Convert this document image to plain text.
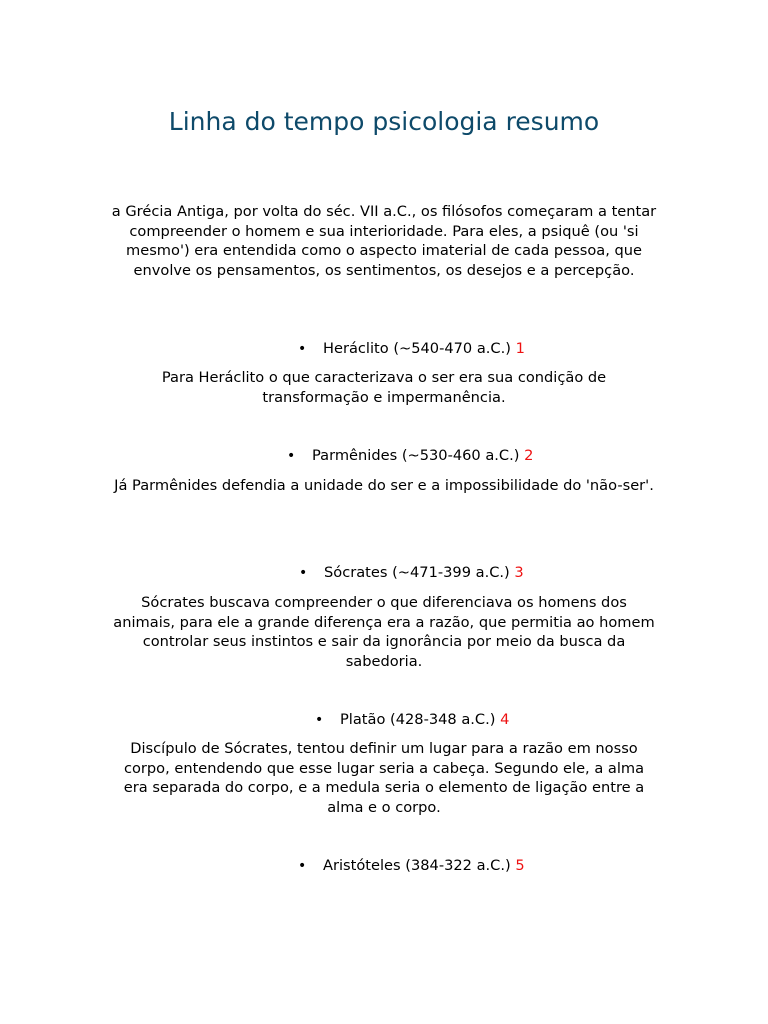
Linha do tempo psicologia resumo

a Grécia Antiga, por volta do séc. VII a.C., os filósofos começaram a tentar compreender o homem e sua interioridade. Para eles, a psiquê (ou 'si mesmo') era entendida como o aspecto imaterial de cada pessoa, que envolve os pensamentos, os sentimentos, os desejos e a percepção.

• Heráclito (~540-470 a.C.) 1

Para Heráclito o que caracterizava o ser era sua condição de transformação e impermanência.

• Parmênides (~530-460 a.C.) 2

Já Parmênides defendia a unidade do ser e a impossibilidade do 'não-ser'.

• Sócrates (~471-399 a.C.) 3

Sócrates buscava compreender o que diferenciava os homens dos animais, para ele a grande diferença era a razão, que permitia ao homem controlar seus instintos e sair da ignorância por meio da busca da sabedoria.

• Platão (428-348 a.C.) 4

Discípulo de Sócrates, tentou definir um lugar para a razão em nosso corpo, entendendo que esse lugar seria a cabeça. Segundo ele, a alma era separada do corpo, e a medula seria o elemento de ligação entre a alma e o corpo.

• Aristóteles (384-322 a.C.) 5
